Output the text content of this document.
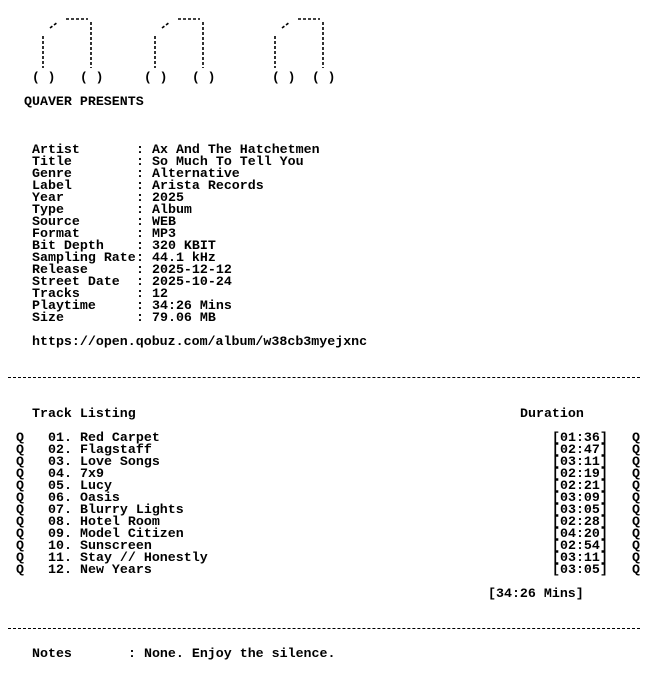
( ) ( )	( ) ( )	( ) ( )
QUAVER PRESENTS
Artist	: Ax And The Hatchetmen
Title	: So Much To Tell You
Genre	: Alternative
Label	: Arista Records
Year	: 2025
Type	: Album
Source	: WEB
Format	: MP3
Bit Depth : 320 KBIT
Sampling Rate: 44.1 kHz
Release	: 2025-12-12
Street Date : 2025-10-24
Tracks	: 12
Playtime	: 34:26 Mins
Size	: 79.06 MB
https://open.qobuz.com/album/w38cb3myejxnc
Track Listing	Duration
Q 01. Red Carpet	[01:36] Q
Q 02. Flagstaff	[02:47] Q
Q 03. Love Songs	[03:11] Q
Q 04. 7x9	[02:19] Q
Q 05. Lucy	[02:21] Q
Q 06. Oasis	[03:09] Q
Q 07. Blurry Lights	[03:05] Q
Q 08. Hotel Room	[02:28] Q
Q 09. Model Citizen	[04:20] Q
Q 10. Sunscreen	[02:54] Q
Q 11. Stay // Honestly	[03:11] Q
Q 12. New Years	[03:05] Q
[34:26 Mins]
Notes	: None. Enjoy the silence.
